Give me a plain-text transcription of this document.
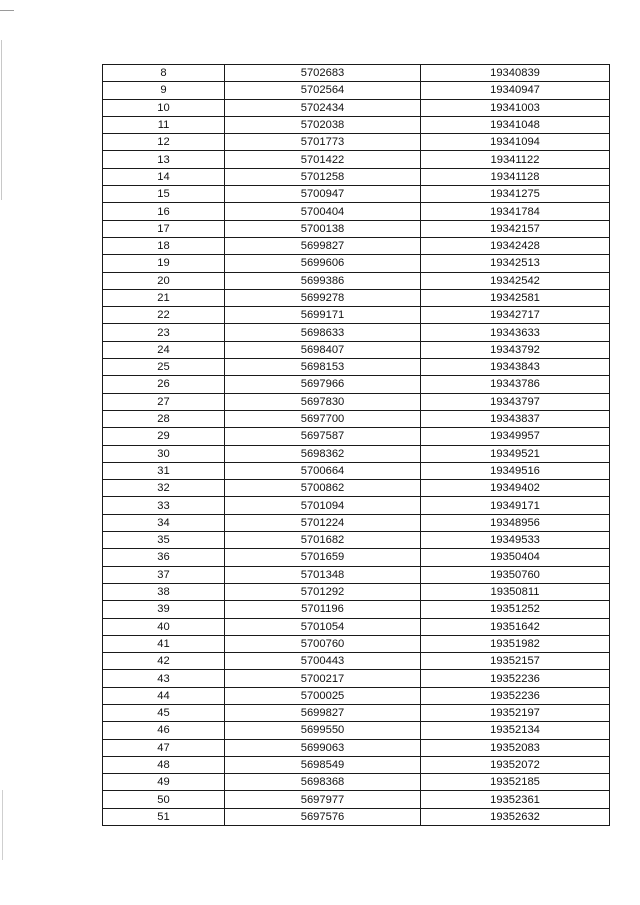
8	5702683	19340839
9	5702564	19340947
10	5702434	19341003
11	5702038	19341048
12	5701773	19341094
13	5701422	19341122
14	5701258	19341128
15	5700947	19341275
16	5700404	19341784
17	5700138	19342157
18	5699827	19342428
19	5699606	19342513
20	5699386	19342542
21	5699278	19342581
22	5699171	19342717
23	5698633	19343633
24	5698407	19343792
25	5698153	19343843
26	5697966	19343786
27	5697830	19343797
28	5697700	19343837
29	5697587	19349957
30	5698362	19349521
31	5700664	19349516
32	5700862	19349402
33	5701094	19349171
34	5701224	19348956
35	5701682	19349533
36	5701659	19350404
37	5701348	19350760
38	5701292	19350811
39	5701196	19351252
40	5701054	19351642
41	5700760	19351982
42	5700443	19352157
43	5700217	19352236
44	5700025	19352236
45	5699827	19352197
46	5699550	19352134
47	5699063	19352083
48	5698549	19352072
49	5698368	19352185
50	5697977	19352361
51	5697576	19352632
